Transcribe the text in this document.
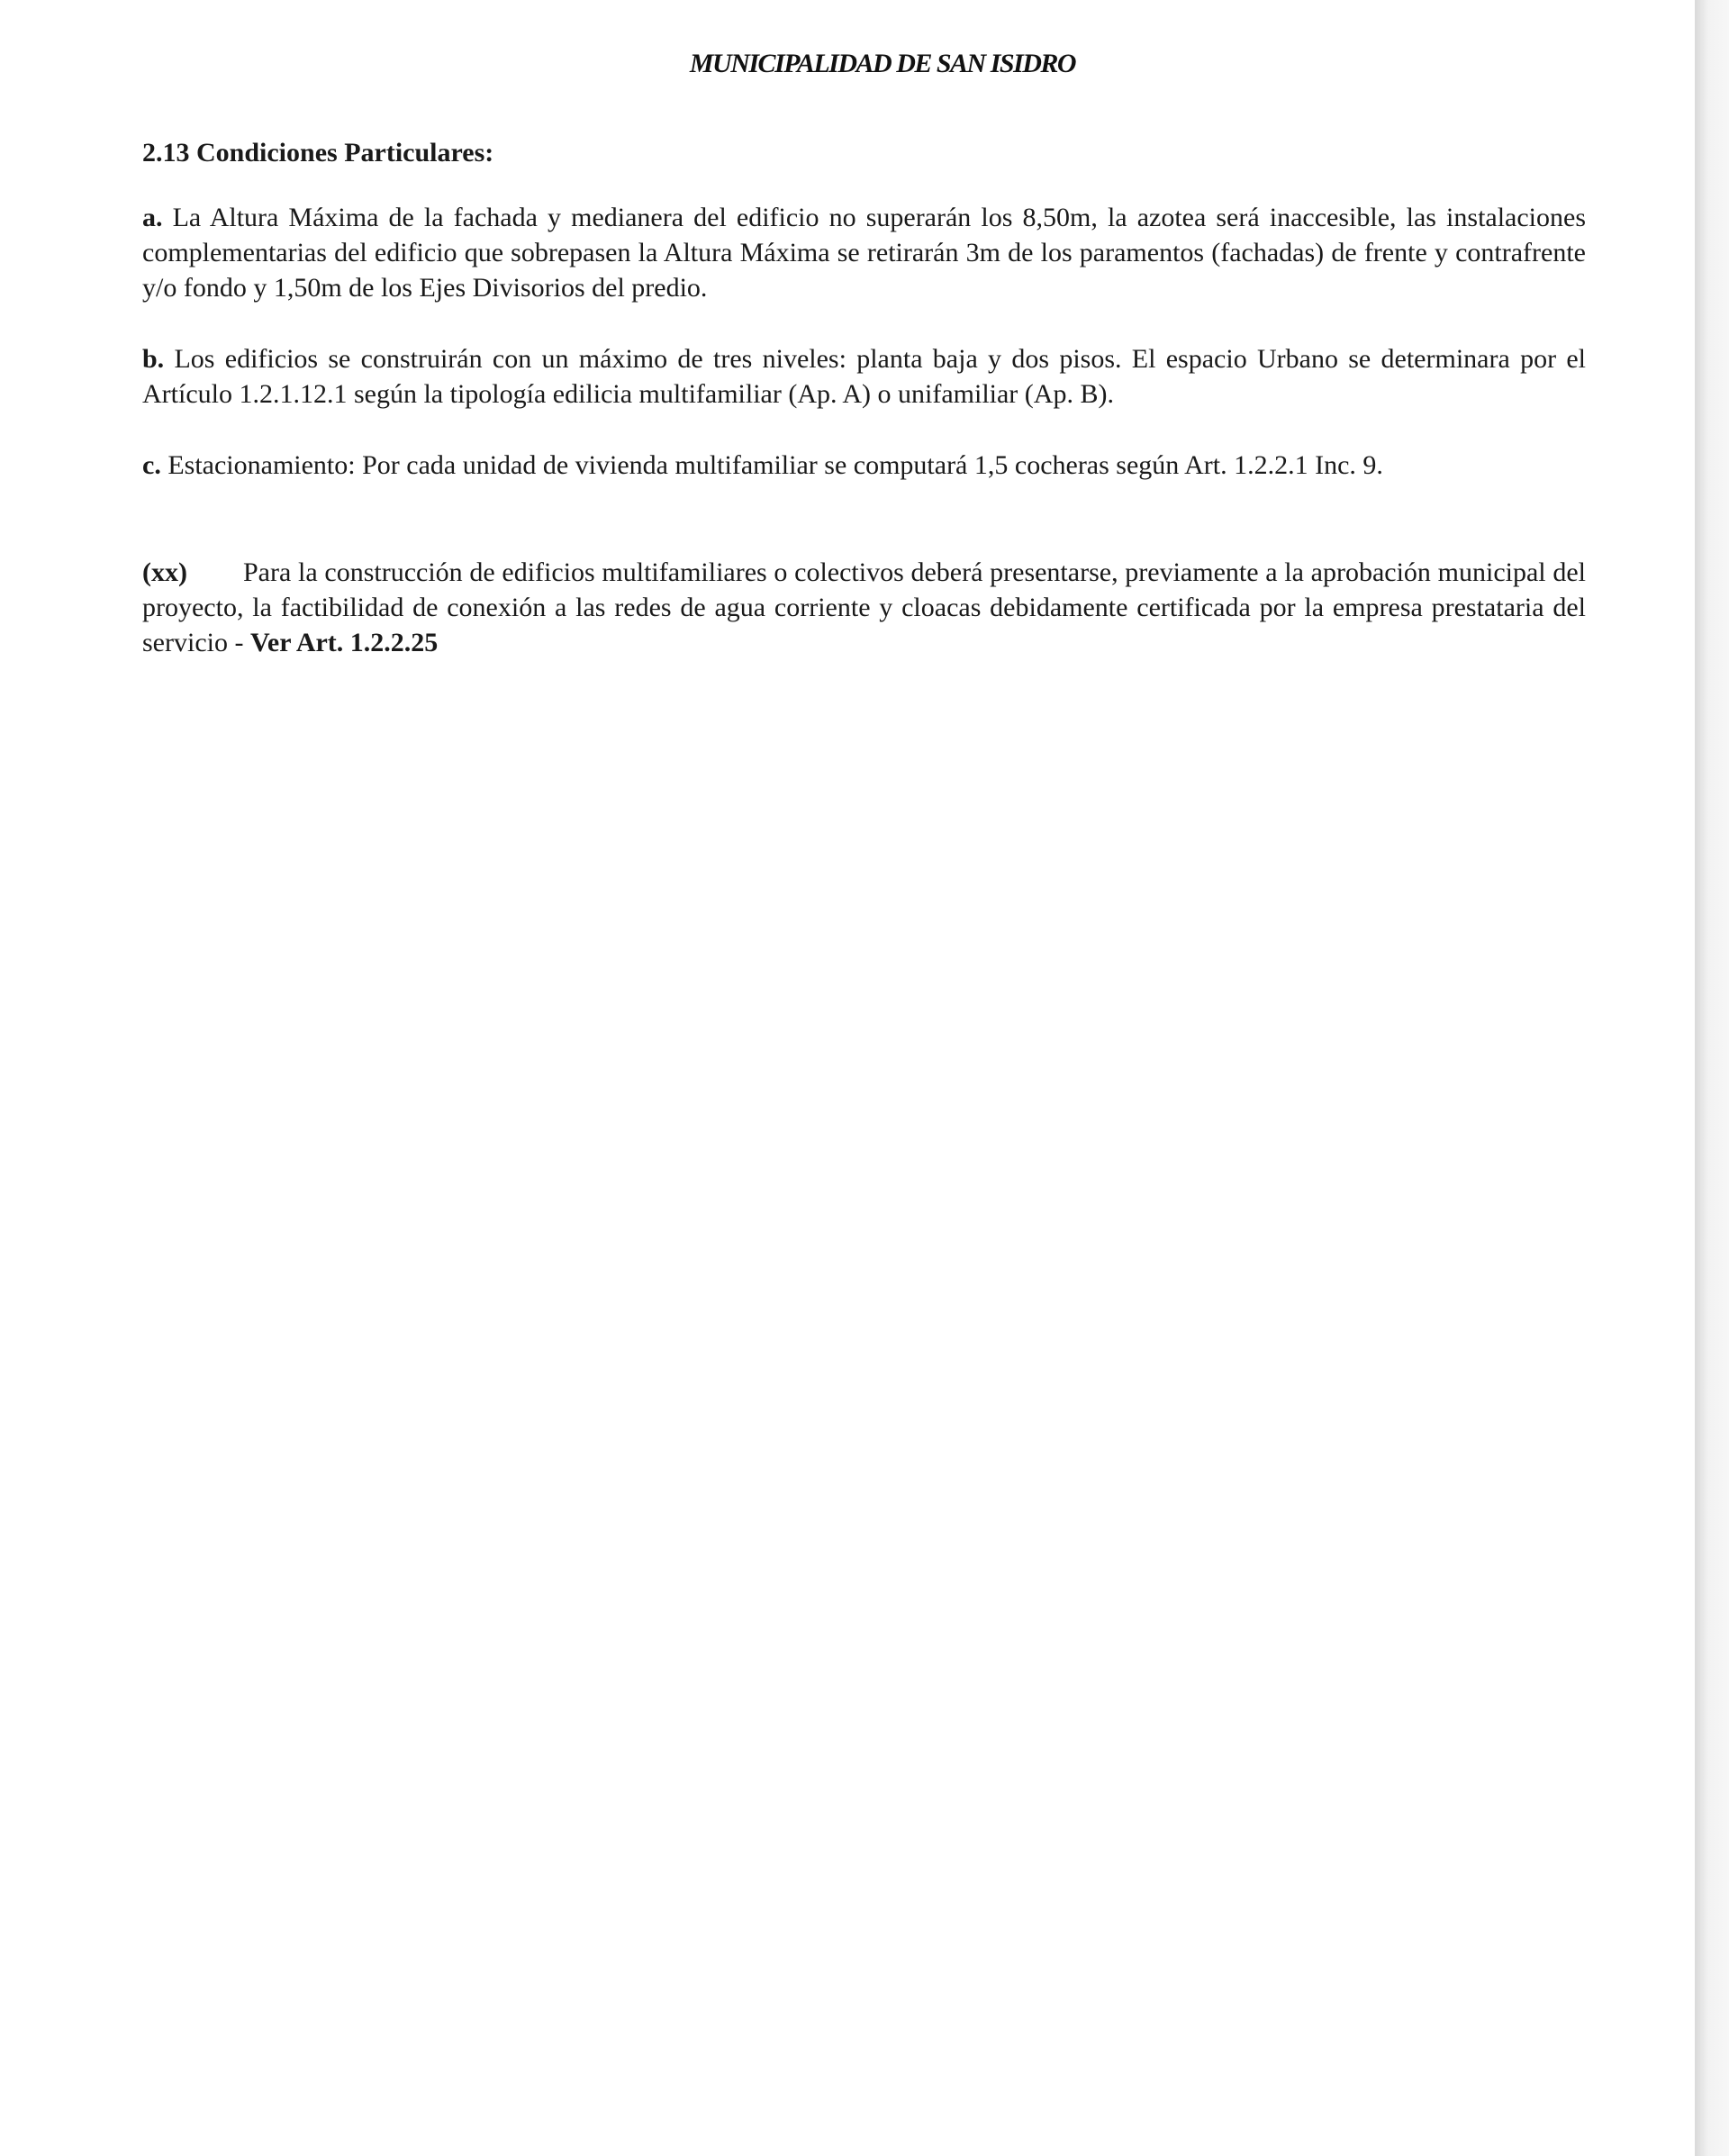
MUNICIPALIDAD DE SAN ISIDRO

2.13 Condiciones Particulares:

a. La Altura Máxima de la fachada y medianera del edificio no superarán los 8,50m, la azotea será inaccesible, las instalaciones complementarias del edificio que sobrepasen la Altura Máxima se retirarán 3m de los paramentos (fachadas) de frente y contrafrente y/o fondo y 1,50m de los Ejes Divisorios del predio.

b. Los edificios se construirán con un máximo de tres niveles: planta baja y dos pisos. El espacio Urbano se determinara por el Artículo 1.2.1.12.1 según la tipología edilicia multifamiliar (Ap. A) o unifamiliar (Ap. B).

c. Estacionamiento: Por cada unidad de vivienda multifamiliar se computará 1,5 cocheras según Art. 1.2.2.1 Inc. 9.

(xx) Para la construcción de edificios multifamiliares o colectivos deberá presentarse, previamente a la aprobación municipal del proyecto, la factibilidad de conexión a las redes de agua corriente y cloacas debidamente certificada por la empresa prestataria del servicio - Ver Art. 1.2.2.25
